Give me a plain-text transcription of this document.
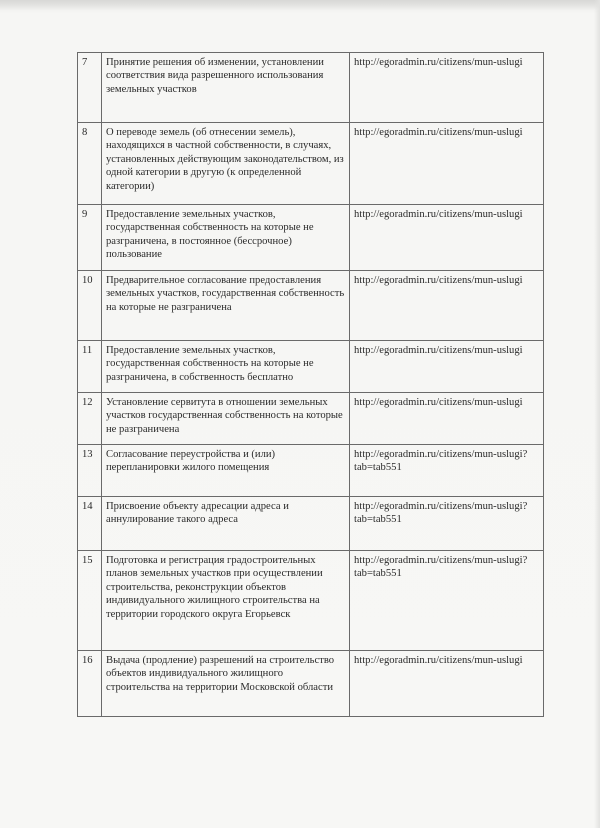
7	Принятие решения об изменении, установлении соответствия вида разрешенного использования земельных участков	http://egoradmin.ru/citizens/mun-uslugi
8	О переводе земель (об отнесении земель), находящихся в частной собственности, в случаях, установленных действующим законодательством, из одной категории в другую (к определенной категории)	http://egoradmin.ru/citizens/mun-uslugi
9	Предоставление земельных участков, государственная собственность на которые не разграничена, в постоянное (бессрочное) пользование	http://egoradmin.ru/citizens/mun-uslugi
10	Предварительное согласование предоставления земельных участков, государственная собственность на которые не разграничена	http://egoradmin.ru/citizens/mun-uslugi
11	Предоставление земельных участков, государственная собственность на которые не разграничена, в собственность бесплатно	http://egoradmin.ru/citizens/mun-uslugi
12	Установление сервитута в отношении земельных участков государственная собственность на которые не разграничена	http://egoradmin.ru/citizens/mun-uslugi
13	Согласование переустройства и (или) перепланировки жилого помещения	http://egoradmin.ru/citizens/mun-uslugi?tab=tab551
14	Присвоение объекту адресации адреса и аннулирование такого адреса	http://egoradmin.ru/citizens/mun-uslugi?tab=tab551
15	Подготовка и регистрация градостроительных планов земельных участков при осуществлении строительства, реконструкции объектов индивидуального жилищного строительства на территории городского округа Егорьевск	http://egoradmin.ru/citizens/mun-uslugi?tab=tab551
16	Выдача (продление) разрешений на строительство объектов индивидуального жилищного строительства на территории Московской области	http://egoradmin.ru/citizens/mun-uslugi
